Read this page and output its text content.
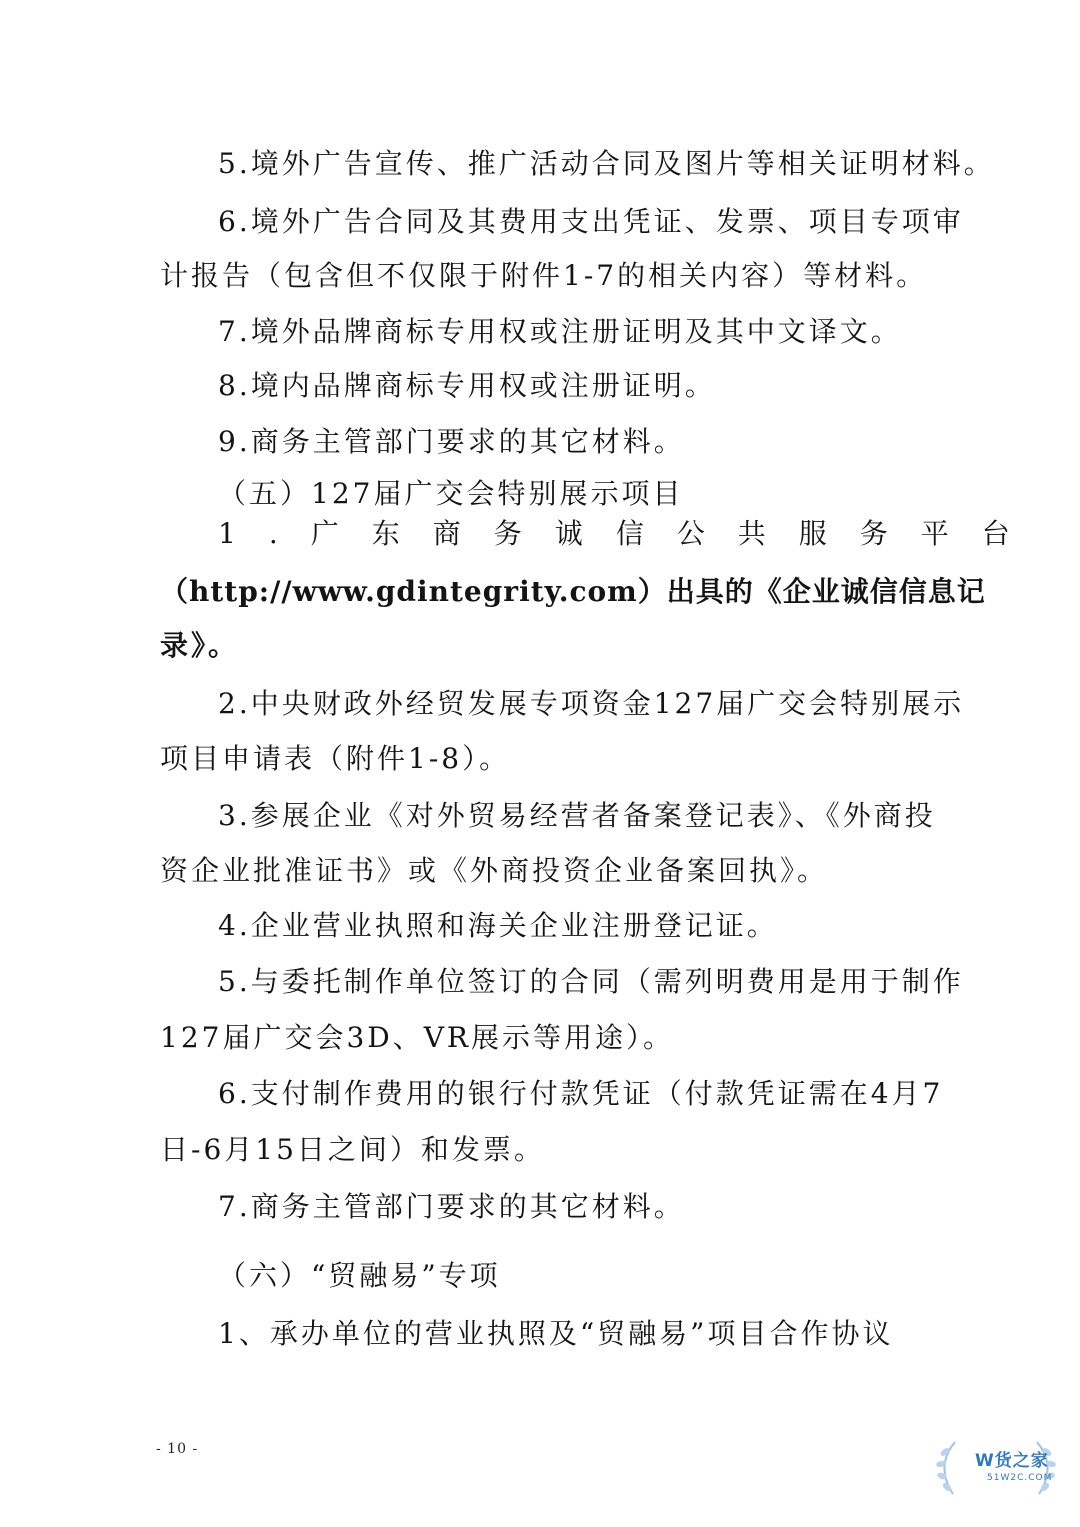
5.境外广告宣传、推广活动合同及图片等相关证明材料。
6.境外广告合同及其费用支出凭证、发票、项目专项审
计报告（包含但不仅限于附件1-7的相关内容）等材料。
7.境外品牌商标专用权或注册证明及其中文译文。
8.境内品牌商标专用权或注册证明。
9.商务主管部门要求的其它材料。
（五）127届广交会特别展示项目
1.广东商务诚信公共服务平台
（http://www.gdintegrity.com）出具的《企业诚信信息记
录》。
2.中央财政外经贸发展专项资金127届广交会特别展示
项目申请表（附件1-8）。
3.参展企业《对外贸易经营者备案登记表》、《外商投
资企业批准证书》或《外商投资企业备案回执》。
4.企业营业执照和海关企业注册登记证。
5.与委托制作单位签订的合同（需列明费用是用于制作
127届广交会3D、VR展示等用途）。
6.支付制作费用的银行付款凭证（付款凭证需在4月7
日-6月15日之间）和发票。
7.商务主管部门要求的其它材料。
（六）“贸融易”专项
1、承办单位的营业执照及“贸融易”项目合作协议
- 10 -
W货之家
51W2C.COM
